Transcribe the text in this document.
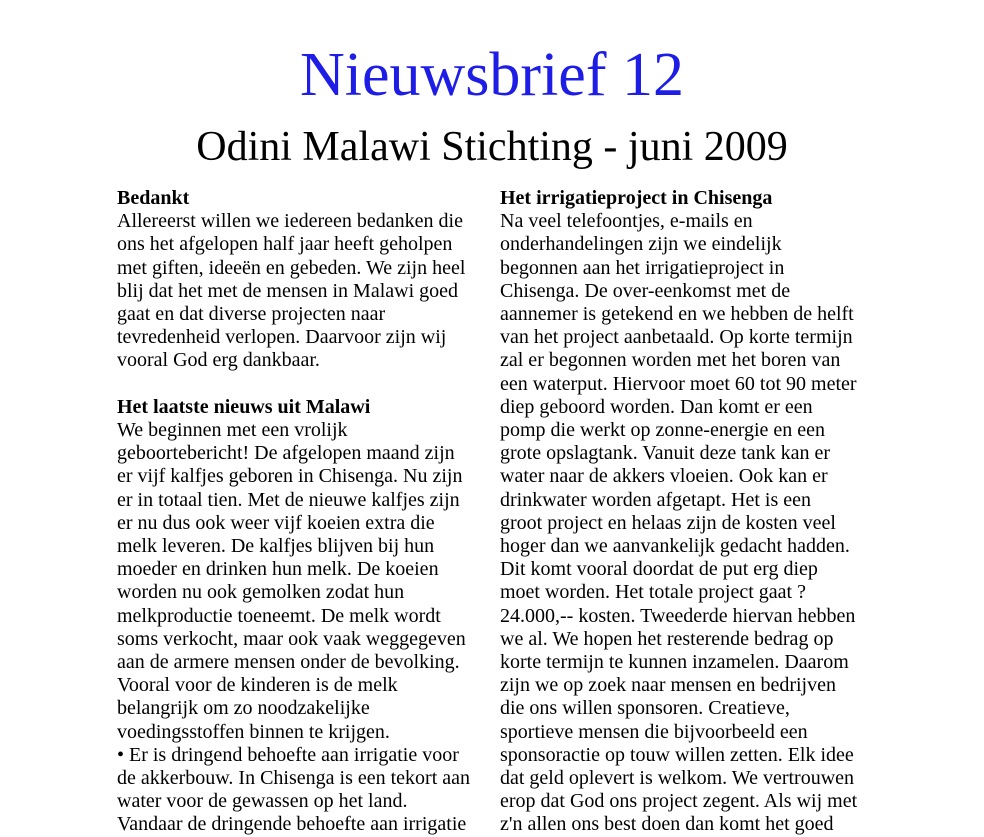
Nieuwsbrief 12
Odini Malawi Stichting - juni 2009
Bedankt
Allereerst willen we iedereen bedanken die
ons het afgelopen half jaar heeft geholpen
met giften, ideeën en gebeden. We zijn heel
blij dat het met de mensen in Malawi goed
gaat en dat diverse projecten naar
tevredenheid verlopen. Daarvoor zijn wij
vooral God erg dankbaar.
Het laatste nieuws uit Malawi
We beginnen met een vrolijk
geboortebericht! De afgelopen maand zijn
er vijf kalfjes geboren in Chisenga. Nu zijn
er in totaal tien. Met de nieuwe kalfjes zijn
er nu dus ook weer vijf koeien extra die
melk leveren. De kalfjes blijven bij hun
moeder en drinken hun melk. De koeien
worden nu ook gemolken zodat hun
melkproductie toeneemt. De melk wordt
soms verkocht, maar ook vaak weggegeven
aan de armere mensen onder de bevolking.
Vooral voor de kinderen is de melk
belangrijk om zo noodzakelijke
voedingsstoffen binnen te krijgen.
• Er is dringend behoefte aan irrigatie voor
de akkerbouw. In Chisenga is een tekort aan
water voor de gewassen op het land.
Vandaar de dringende behoefte aan irrigatie
Het irrigatieproject in Chisenga
Na veel telefoontjes, e-mails en
onderhandelingen zijn we eindelijk
begonnen aan het irrigatieproject in
Chisenga. De over-eenkomst met de
aannemer is getekend en we hebben de helft
van het project aanbetaald. Op korte termijn
zal er begonnen worden met het boren van
een waterput. Hiervoor moet 60 tot 90 meter
diep geboord worden. Dan komt er een
pomp die werkt op zonne-energie en een
grote opslagtank. Vanuit deze tank kan er
water naar de akkers vloeien. Ook kan er
drinkwater worden afgetapt. Het is een
groot project en helaas zijn de kosten veel
hoger dan we aanvankelijk gedacht hadden.
Dit komt vooral doordat de put erg diep
moet worden. Het totale project gaat ?
24.000,-- kosten. Tweederde hiervan hebben
we al. We hopen het resterende bedrag op
korte termijn te kunnen inzamelen. Daarom
zijn we op zoek naar mensen en bedrijven
die ons willen sponsoren. Creatieve,
sportieve mensen die bijvoorbeeld een
sponsoractie op touw willen zetten. Elk idee
dat geld oplevert is welkom. We vertrouwen
erop dat God ons project zegent. Als wij met
z'n allen ons best doen dan komt het goed
